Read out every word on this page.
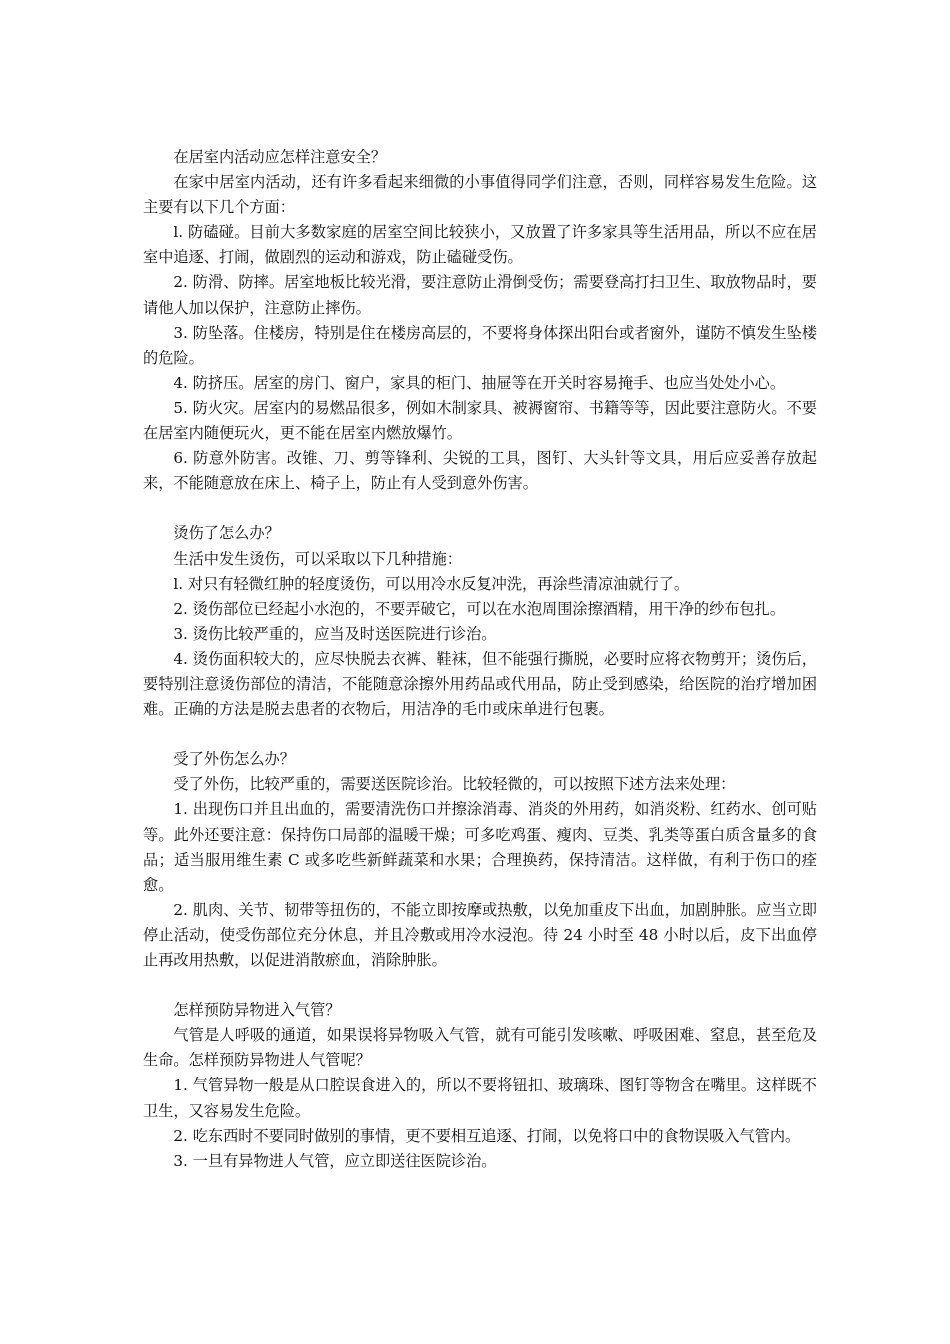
在居室内活动应怎样注意安全？

在家中居室内活动，还有许多看起来细微的小事值得同学们注意，否则，同样容易发生危险。这主要有以下几个方面：

l. 防磕碰。目前大多数家庭的居室空间比较狭小，又放置了许多家具等生活用品，所以不应在居室中追逐、打闹，做剧烈的运动和游戏，防止磕碰受伤。

2. 防滑、防摔。居室地板比较光滑，要注意防止滑倒受伤；需要登高打扫卫生、取放物品时，要请他人加以保护，注意防止摔伤。

3. 防坠落。住楼房，特别是住在楼房高层的，不要将身体探出阳台或者窗外，谨防不慎发生坠楼的危险。

4. 防挤压。居室的房门、窗户，家具的柜门、抽屉等在开关时容易掩手、也应当处处小心。

5. 防火灾。居室内的易燃品很多，例如木制家具、被褥窗帘、书籍等等，因此要注意防火。不要在居室内随便玩火，更不能在居室内燃放爆竹。

6. 防意外防害。改锥、刀、剪等锋利、尖锐的工具，图钉、大头针等文具，用后应妥善存放起来，不能随意放在床上、椅子上，防止有人受到意外伤害。

烫伤了怎么办？

生活中发生烫伤，可以采取以下几种措施：

l. 对只有轻微红肿的轻度烫伤，可以用冷水反复冲洗，再涂些清凉油就行了。

2. 烫伤部位已经起小水泡的，不要弄破它，可以在水泡周围涂擦酒精，用干净的纱布包扎。

3. 烫伤比较严重的，应当及时送医院进行诊治。

4. 烫伤面积较大的，应尽快脱去衣裤、鞋袜，但不能强行撕脱，必要时应将衣物剪开；烫伤后，要特别注意烫伤部位的清洁，不能随意涂擦外用药品或代用品，防止受到感染，给医院的治疗增加困难。正确的方法是脱去患者的衣物后，用洁净的毛巾或床单进行包裹。

受了外伤怎么办？

受了外伤，比较严重的，需要送医院诊治。比较轻微的，可以按照下述方法来处理：

1. 出现伤口并且出血的，需要清洗伤口并擦涂消毒、消炎的外用药，如消炎粉、红药水、创可贴等。此外还要注意：保持伤口局部的温暖干燥；可多吃鸡蛋、瘦肉、豆类、乳类等蛋白质含量多的食品；适当服用维生素 C 或多吃些新鲜蔬菜和水果；合理换药，保持清洁。这样做，有利于伤口的痊愈。

2. 肌肉、关节、韧带等扭伤的，不能立即按摩或热敷，以免加重皮下出血，加剧肿胀。应当立即停止活动，使受伤部位充分休息，并且冷敷或用冷水浸泡。待 24 小时至 48 小时以后，皮下出血停止再改用热敷，以促进消散瘀血，消除肿胀。

怎样预防异物进入气管？

气管是人呼吸的通道，如果误将异物吸入气管，就有可能引发咳嗽、呼吸困难、窒息，甚至危及生命。怎样预防异物进人气管呢？

1. 气管异物一般是从口腔误食进入的，所以不要将钮扣、玻璃珠、图钉等物含在嘴里。这样既不卫生，又容易发生危险。

2. 吃东西时不要同时做别的事情，更不要相互追逐、打闹，以免将口中的食物误吸入气管内。

3. 一旦有异物进人气管，应立即送往医院诊治。
